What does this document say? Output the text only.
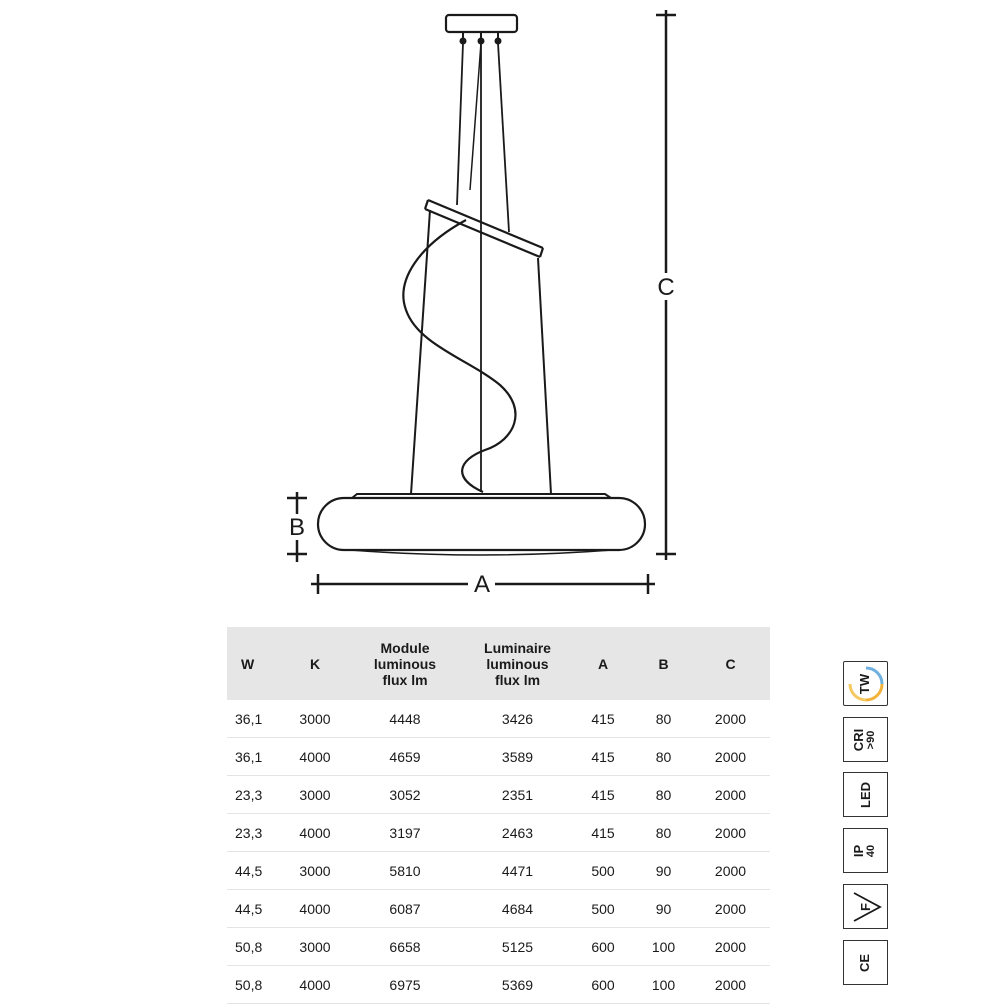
C
B
A
W	K	Module
luminous
flux lm	Luminaire
luminous
flux lm	A	B	C

36,1	3000	4448	3426	415	80	2000
36,1	4000	4659	3589	415	80	2000
23,3	3000	3052	2351	415	80	2000
23,3	4000	3197	2463	415	80	2000
44,5	3000	5810	4471	500	90	2000
44,5	4000	6087	4684	500	90	2000
50,8	3000	6658	5125	600	100	2000
50,8	4000	6975	5369	600	100	2000
TW
CRI >90
LED
IP 40
F
CE
